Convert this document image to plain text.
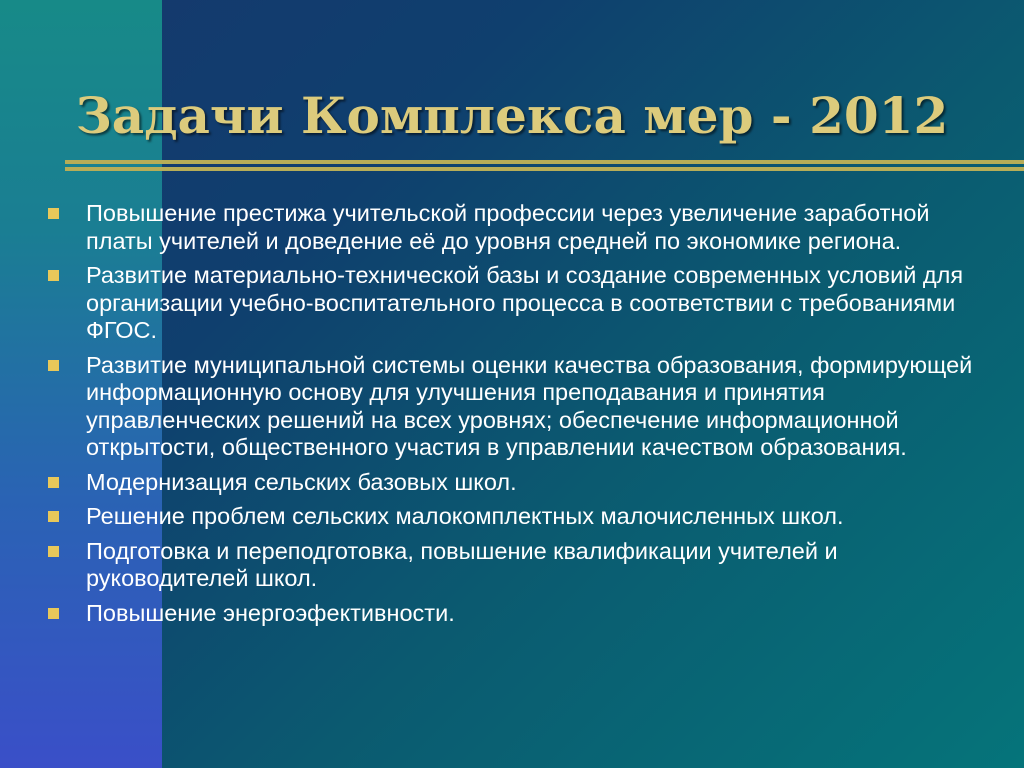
Задачи Комплекса мер - 2012
Повышение престижа учительской профессии через увеличение заработной платы учителей и доведение её до уровня средней по экономике региона.
Развитие материально-технической базы и создание современных условий для организации учебно-воспитательного процесса в соответствии с требованиями ФГОС.
Развитие муниципальной системы оценки качества образования, формирующей информационную основу для улучшения преподавания и принятия управленческих решений на всех уровнях; обеспечение информационной открытости, общественного участия в управлении качеством образования.
Модернизация сельских базовых школ.
Решение проблем сельских малокомплектных малочисленных школ.
Подготовка и переподготовка, повышение квалификации учителей и руководителей школ.
Повышение энергоэфективности.
